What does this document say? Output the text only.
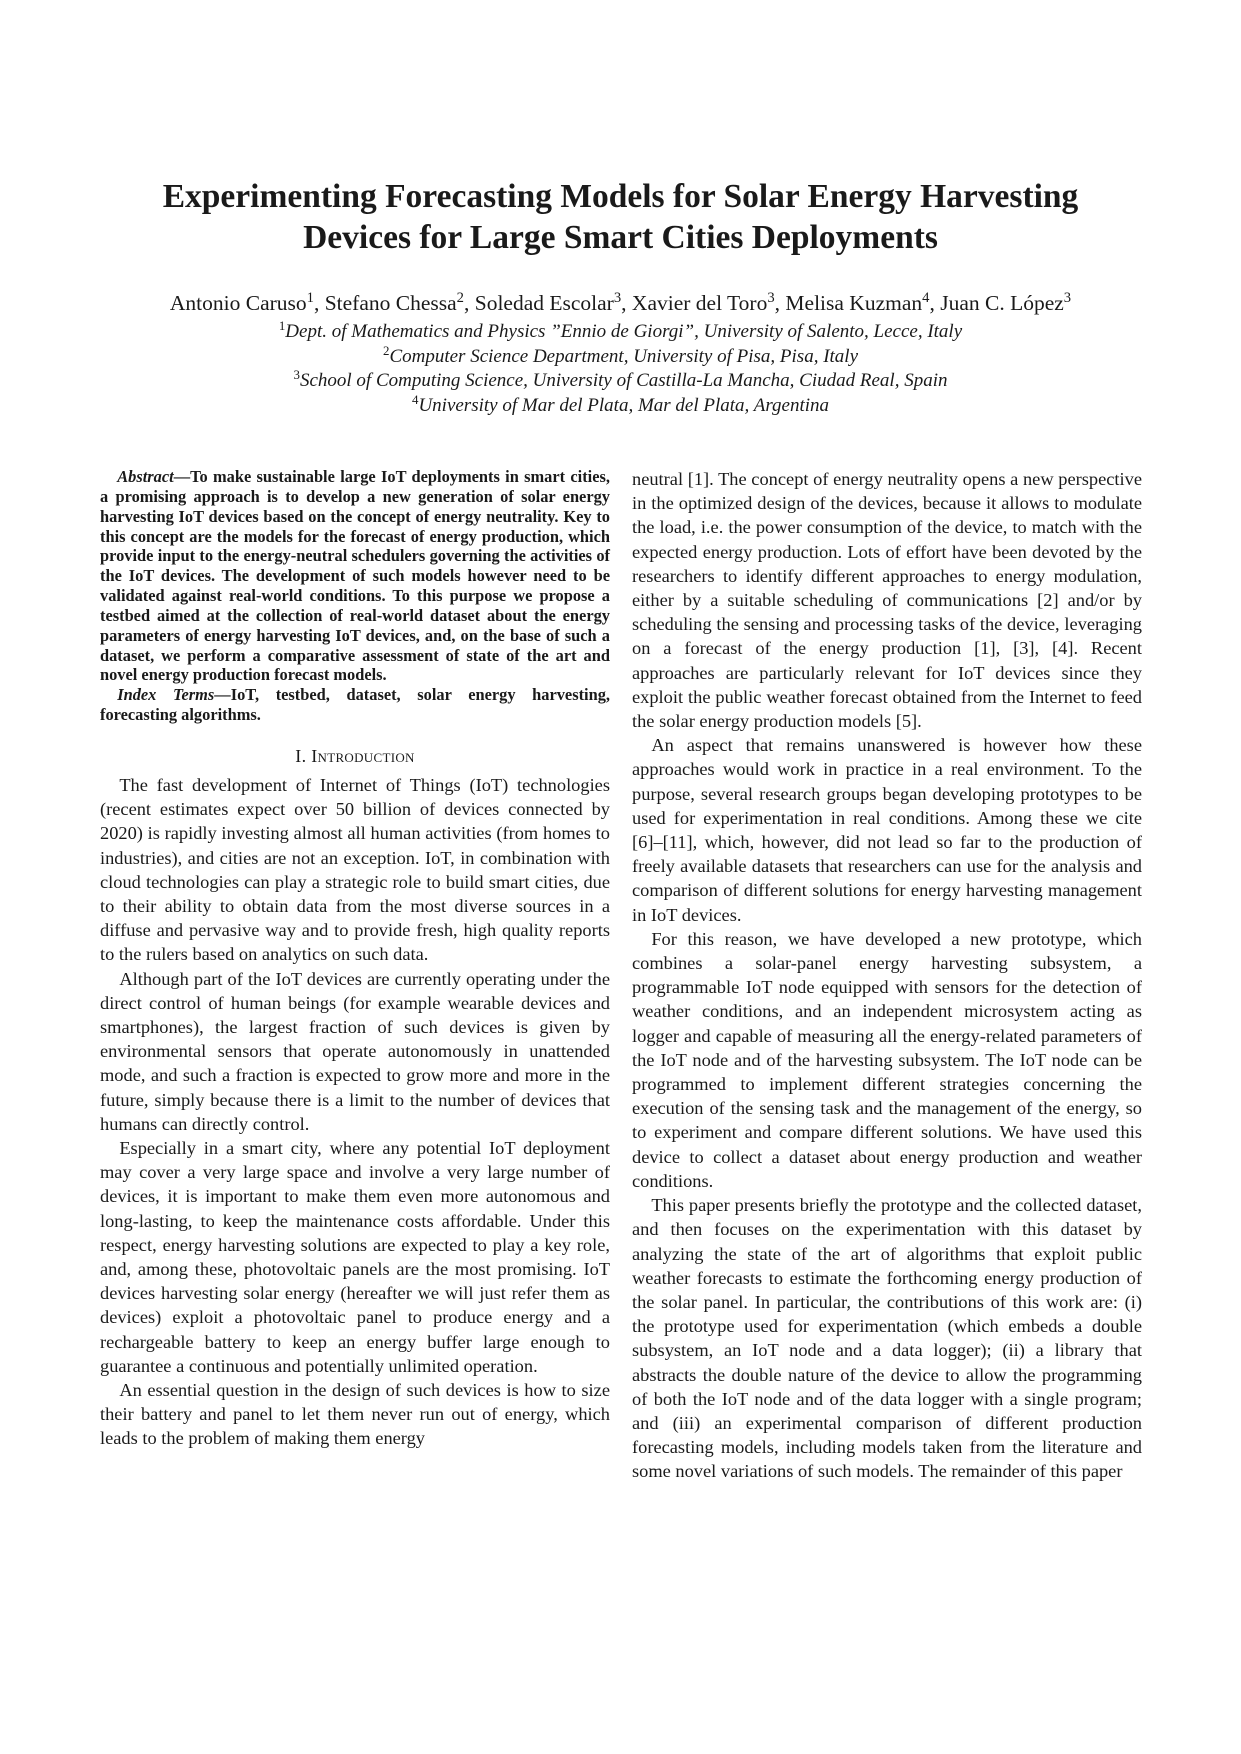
Experimenting Forecasting Models for Solar Energy Harvesting
Devices for Large Smart Cities Deployments
Antonio Caruso$^1$, Stefano Chessa$^2$, Soledad Escolar$^3$, Xavier del Toro$^3$, Melisa Kuzman$^4$, Juan C. López$^3$
$^1$Dept. of Mathematics and Physics ”Ennio de Giorgi”, University of Salento, Lecce, Italy
$^2$Computer Science Department, University of Pisa, Pisa, Italy
$^3$School of Computing Science, University of Castilla-La Mancha, Ciudad Real, Spain
$^4$University of Mar del Plata, Mar del Plata, Argentina

Abstract—To make sustainable large IoT deployments in smart cities, a promising approach is to develop a new generation of solar energy harvesting IoT devices based on the concept of energy neutrality. Key to this concept are the models for the forecast of energy production, which provide input to the energy-neutral schedulers governing the activities of the IoT devices. The development of such models however need to be validated against real-world conditions. To this purpose we propose a testbed aimed at the collection of real-world dataset about the energy parameters of energy harvesting IoT devices, and, on the base of such a dataset, we perform a comparative assessment of state of the art and novel energy production forecast models.

Index Terms—IoT, testbed, dataset, solar energy harvesting, forecasting algorithms.

I. Introduction

The fast development of Internet of Things (IoT) technologies (recent estimates expect over 50 billion of devices connected by 2020) is rapidly investing almost all human activities (from homes to industries), and cities are not an exception. IoT, in combination with cloud technologies can play a strategic role to build smart cities, due to their ability to obtain data from the most diverse sources in a diffuse and pervasive way and to provide fresh, high quality reports to the rulers based on analytics on such data.

Although part of the IoT devices are currently operating under the direct control of human beings (for example wearable devices and smartphones), the largest fraction of such devices is given by environmental sensors that operate autonomously in unattended mode, and such a fraction is expected to grow more and more in the future, simply because there is a limit to the number of devices that humans can directly control.

Especially in a smart city, where any potential IoT deployment may cover a very large space and involve a very large number of devices, it is important to make them even more autonomous and long-lasting, to keep the maintenance costs affordable. Under this respect, energy harvesting solutions are expected to play a key role, and, among these, photovoltaic panels are the most promising. IoT devices harvesting solar energy (hereafter we will just refer them as devices) exploit a photovoltaic panel to produce energy and a rechargeable battery to keep an energy buffer large enough to guarantee a continuous and potentially unlimited operation.

An essential question in the design of such devices is how to size their battery and panel to let them never run out of energy, which leads to the problem of making them energy

neutral [1]. The concept of energy neutrality opens a new perspective in the optimized design of the devices, because it allows to modulate the load, i.e. the power consumption of the device, to match with the expected energy production. Lots of effort have been devoted by the researchers to identify different approaches to energy modulation, either by a suitable scheduling of communications [2] and/or by scheduling the sensing and processing tasks of the device, leveraging on a forecast of the energy production [1], [3], [4]. Recent approaches are particularly relevant for IoT devices since they exploit the public weather forecast obtained from the Internet to feed the solar energy production models [5].

An aspect that remains unanswered is however how these approaches would work in practice in a real environment. To the purpose, several research groups began developing prototypes to be used for experimentation in real conditions. Among these we cite [6]–[11], which, however, did not lead so far to the production of freely available datasets that researchers can use for the analysis and comparison of different solutions for energy harvesting management in IoT devices.

For this reason, we have developed a new prototype, which combines a solar-panel energy harvesting subsystem, a programmable IoT node equipped with sensors for the detection of weather conditions, and an independent microsystem acting as logger and capable of measuring all the energy-related parameters of the IoT node and of the harvesting subsystem. The IoT node can be programmed to implement different strategies concerning the execution of the sensing task and the management of the energy, so to experiment and compare different solutions. We have used this device to collect a dataset about energy production and weather conditions.

This paper presents briefly the prototype and the collected dataset, and then focuses on the experimentation with this dataset by analyzing the state of the art of algorithms that exploit public weather forecasts to estimate the forthcoming energy production of the solar panel. In particular, the contributions of this work are: (i) the prototype used for experimentation (which embeds a double subsystem, an IoT node and a data logger); (ii) a library that abstracts the double nature of the device to allow the programming of both the IoT node and of the data logger with a single program; and (iii) an experimental comparison of different production forecasting models, including models taken from the literature and some novel variations of such models. The remainder of this paper
